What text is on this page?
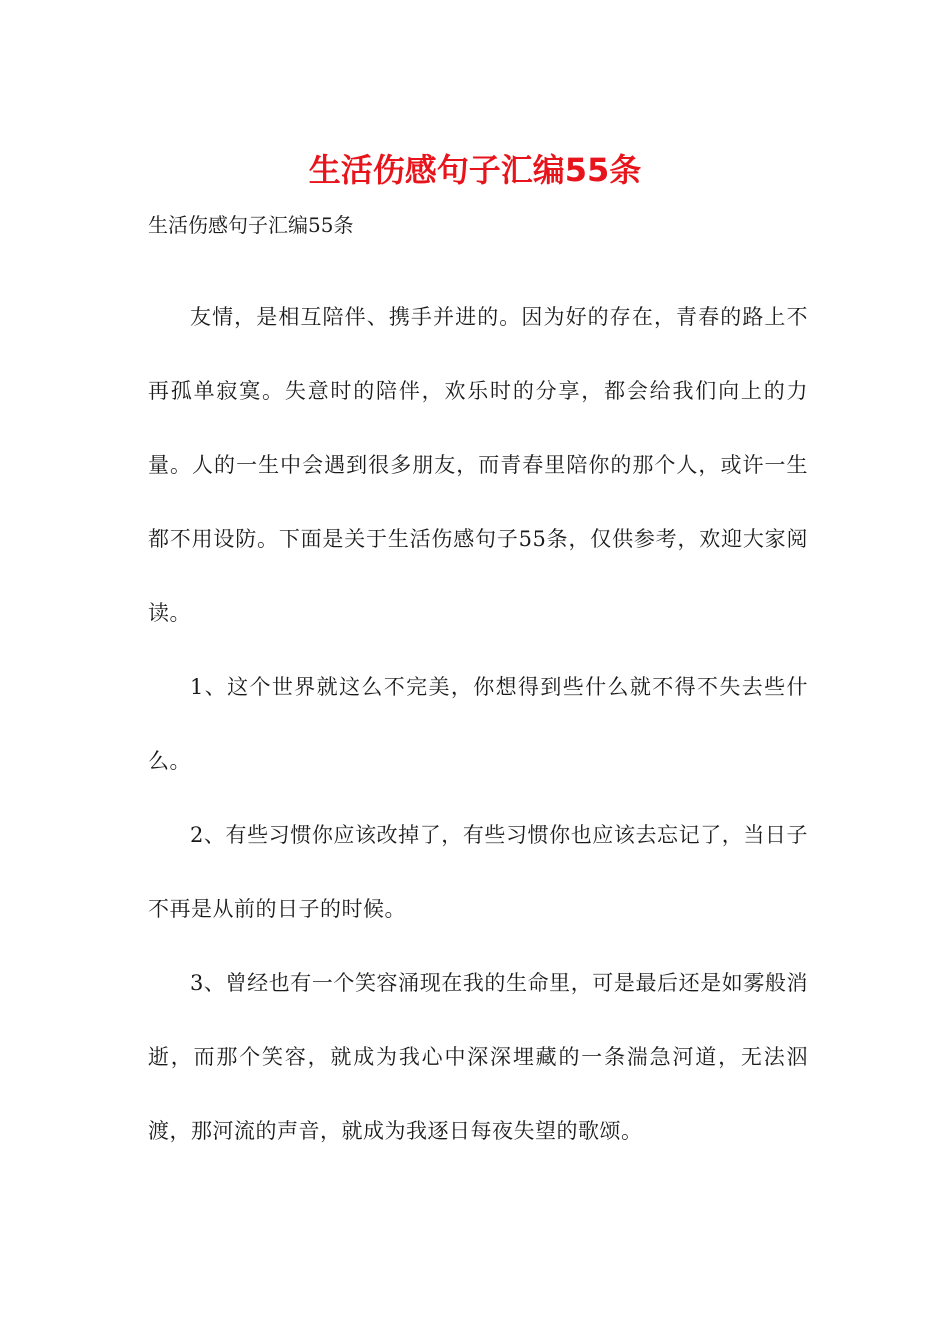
生活伤感句子汇编55条

生活伤感句子汇编55条

友情，是相互陪伴、携手并进的。因为好的存在，青春的路上不再孤单寂寞。失意时的陪伴，欢乐时的分享，都会给我们向上的力量。人的一生中会遇到很多朋友，而青春里陪你的那个人，或许一生都不用设防。下面是关于生活伤感句子55条，仅供参考，欢迎大家阅读。

1、这个世界就这么不完美，你想得到些什么就不得不失去些什么。

2、有些习惯你应该改掉了，有些习惯你也应该去忘记了，当日子不再是从前的日子的时候。

3、曾经也有一个笑容涌现在我的生命里，可是最后还是如雾般消逝，而那个笑容，就成为我心中深深埋藏的一条湍急河道，无法泅渡，那河流的声音，就成为我逐日每夜失望的歌颂。
